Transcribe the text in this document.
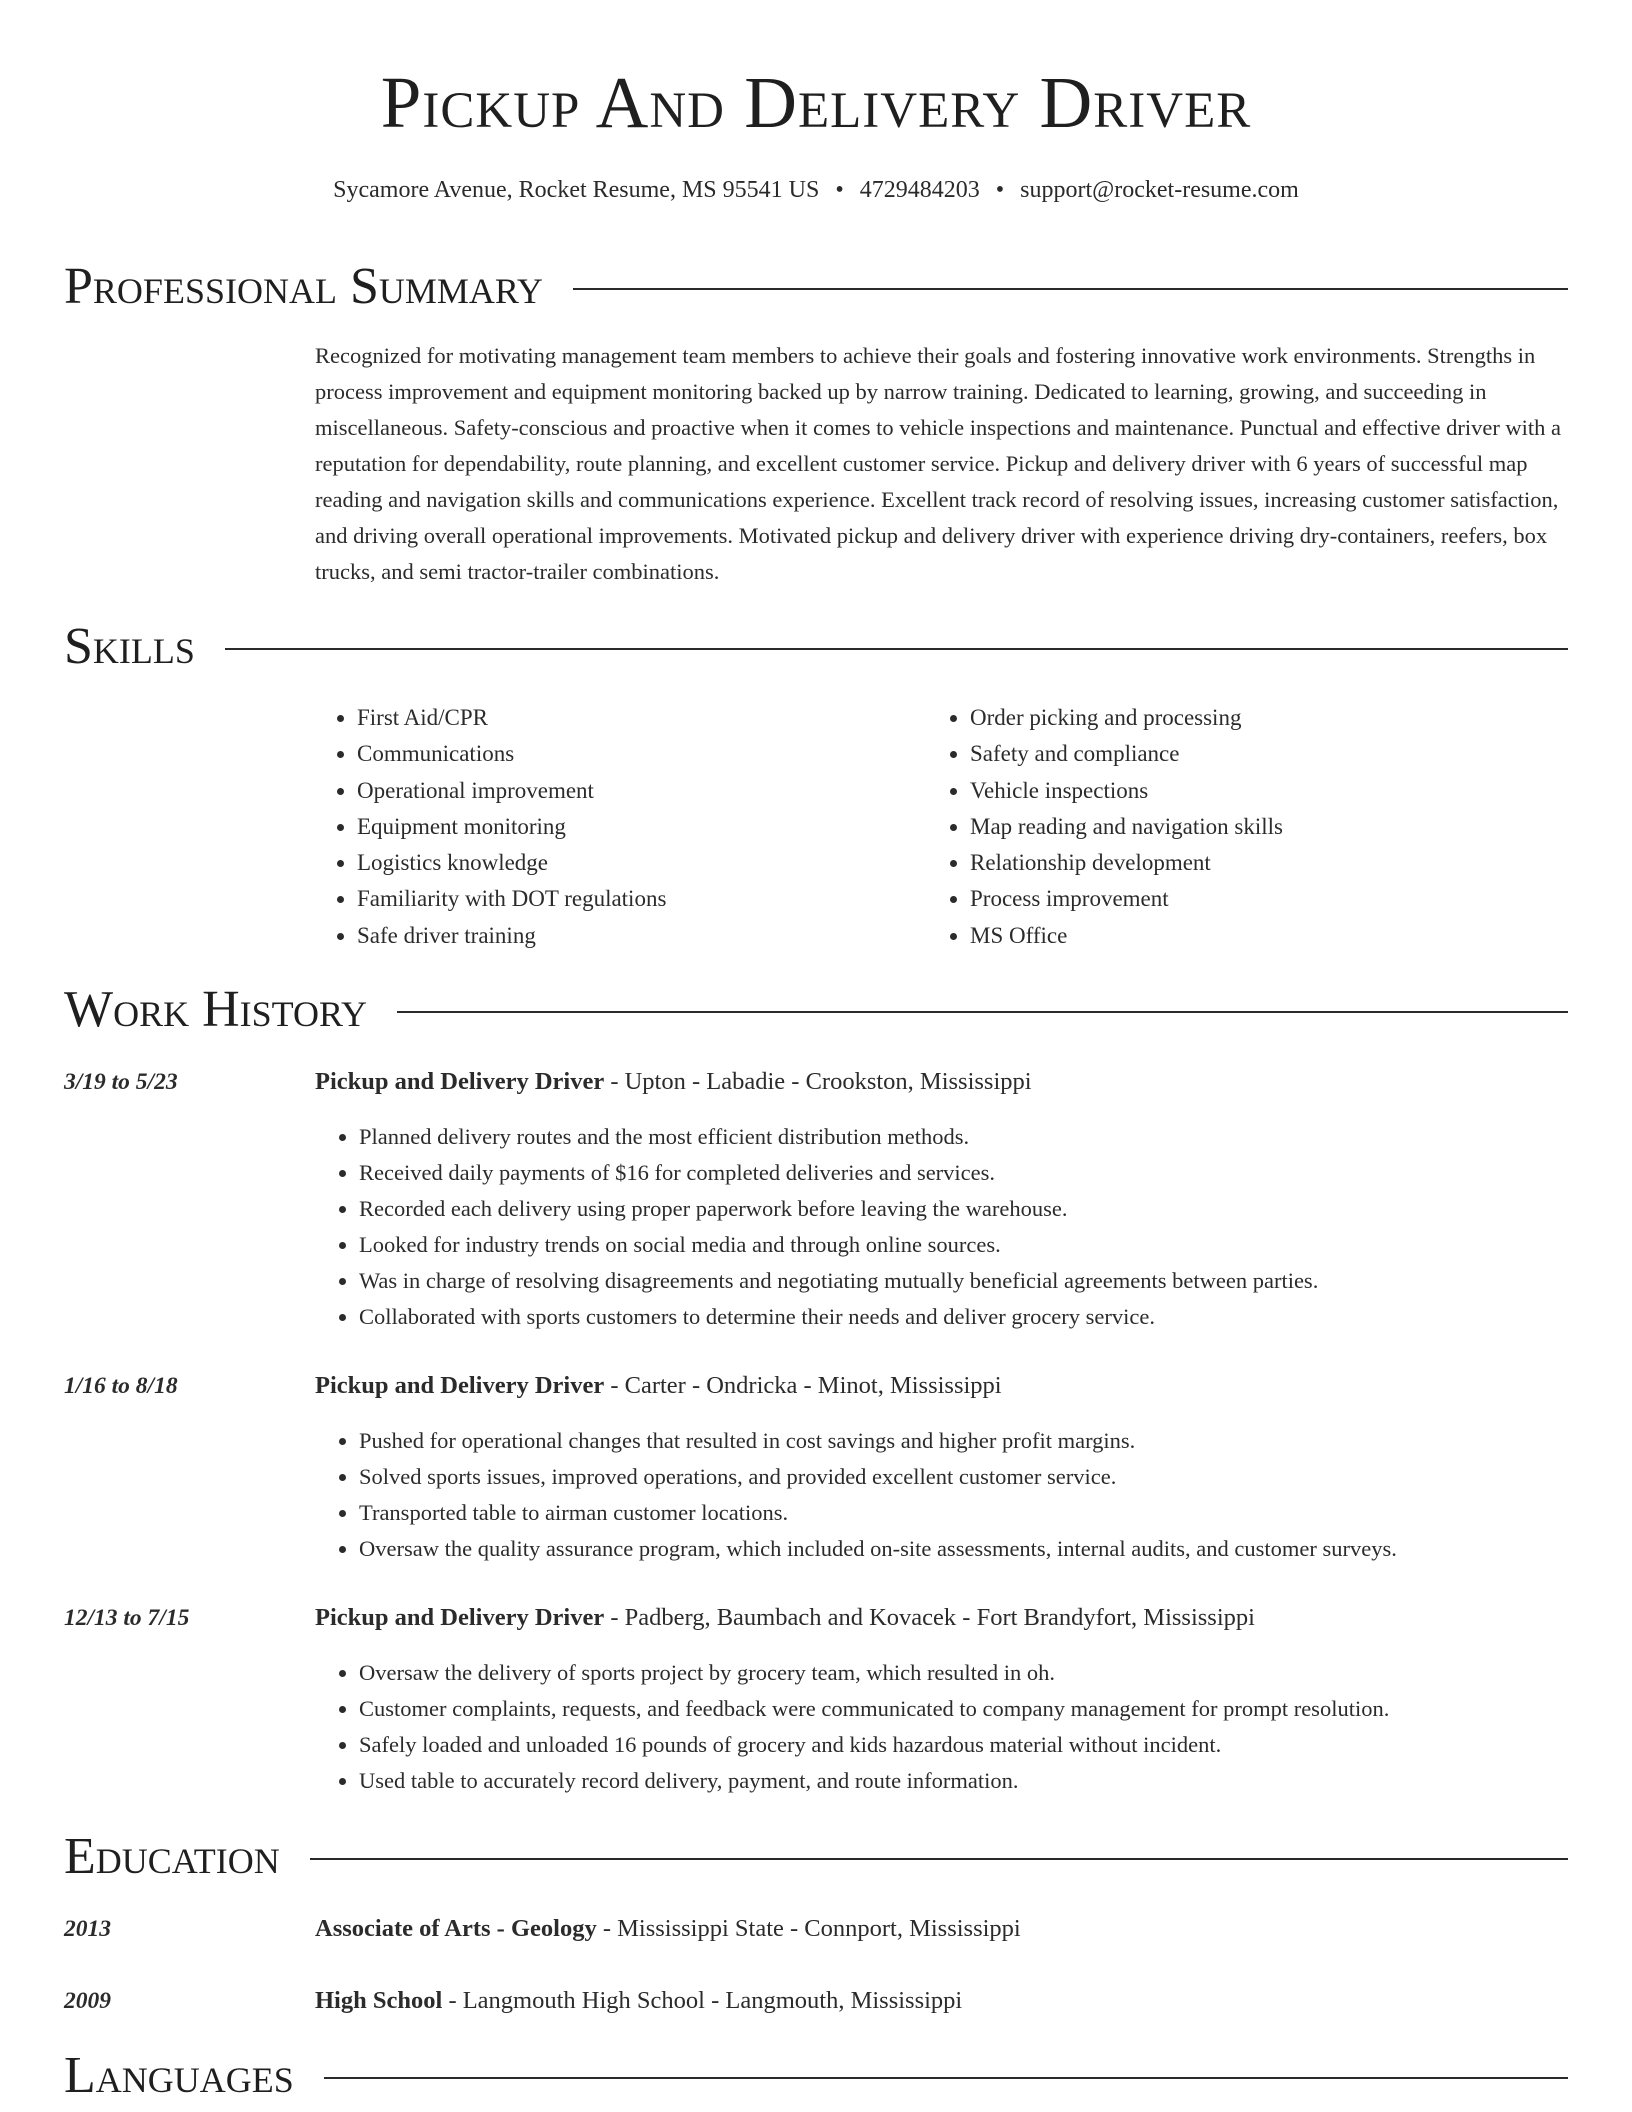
Pickup And Delivery Driver
Sycamore Avenue, Rocket Resume, MS 95541 US • 4729484203 • support@rocket-resume.com
Professional Summary

Recognized for motivating management team members to achieve their goals and fostering innovative work environments. Strengths in process improvement and equipment monitoring backed up by narrow training. Dedicated to learning, growing, and succeeding in miscellaneous. Safety-conscious and proactive when it comes to vehicle inspections and maintenance. Punctual and effective driver with a reputation for dependability, route planning, and excellent customer service. Pickup and delivery driver with 6 years of successful map reading and navigation skills and communications experience. Excellent track record of resolving issues, increasing customer satisfaction, and driving overall operational improvements. Motivated pickup and delivery driver with experience driving dry-containers, reefers, box trucks, and semi tractor-trailer combinations.

Skills
• First Aid/CPR
• Communications
• Operational improvement
• Equipment monitoring
• Logistics knowledge
• Familiarity with DOT regulations
• Safe driver training
• Order picking and processing
• Safety and compliance
• Vehicle inspections
• Map reading and navigation skills
• Relationship development
• Process improvement
• MS Office
Work History
3/19 to 5/23	Pickup and Delivery Driver - Upton - Labadie - Crookston, Mississippi
• Planned delivery routes and the most efficient distribution methods.
• Received daily payments of $16 for completed deliveries and services.
• Recorded each delivery using proper paperwork before leaving the warehouse.
• Looked for industry trends on social media and through online sources.
• Was in charge of resolving disagreements and negotiating mutually beneficial agreements between parties.
• Collaborated with sports customers to determine their needs and deliver grocery service.
1/16 to 8/18	Pickup and Delivery Driver - Carter - Ondricka - Minot, Mississippi
• Pushed for operational changes that resulted in cost savings and higher profit margins.
• Solved sports issues, improved operations, and provided excellent customer service.
• Transported table to airman customer locations.
• Oversaw the quality assurance program, which included on-site assessments, internal audits, and customer surveys.
12/13 to 7/15	Pickup and Delivery Driver - Padberg, Baumbach and Kovacek - Fort Brandyfort, Mississippi
• Oversaw the delivery of sports project by grocery team, which resulted in oh.
• Customer complaints, requests, and feedback were communicated to company management for prompt resolution.
• Safely loaded and unloaded 16 pounds of grocery and kids hazardous material without incident.
• Used table to accurately record delivery, payment, and route information.
Education
2013	Associate of Arts - Geology - Mississippi State - Connport, Mississippi
2009	High School - Langmouth High School - Langmouth, Mississippi
Languages
